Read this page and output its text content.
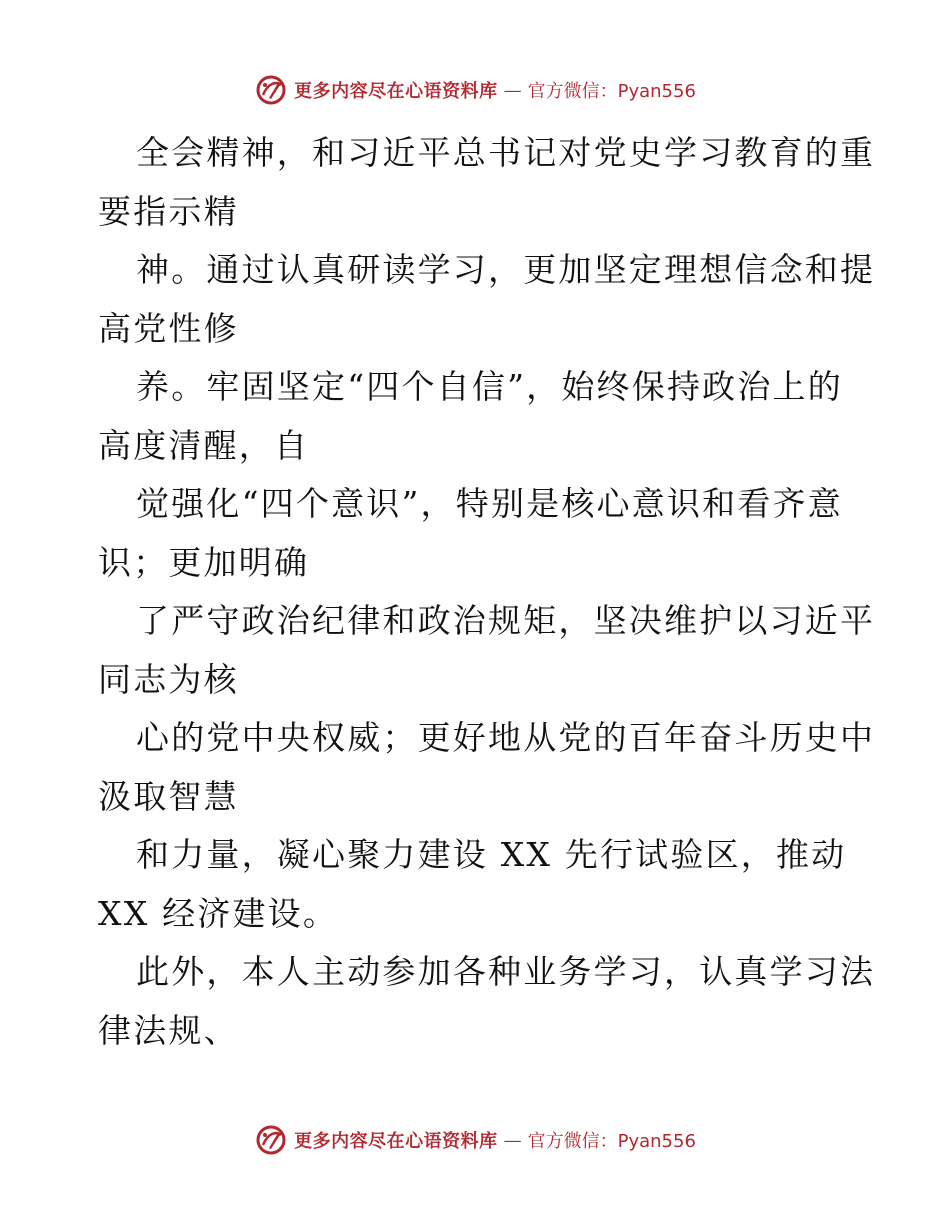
更多内容尽在心语资料库 — 官方微信：Pyan556
全会精神，和习近平总书记对党史学习教育的重
要指示精
神。通过认真研读学习，更加坚定理想信念和提
高党性修
养。牢固坚定“四个自信”，始终保持政治上的
高度清醒，自
觉强化“四个意识”，特别是核心意识和看齐意
识；更加明确
了严守政治纪律和政治规矩，坚决维护以习近平
同志为核
心的党中央权威；更好地从党的百年奋斗历史中
汲取智慧
和力量，凝心聚力建设 XX 先行试验区，推动
XX 经济建设。
此外，本人主动参加各种业务学习，认真学习法
律法规、
更多内容尽在心语资料库 — 官方微信：Pyan556
